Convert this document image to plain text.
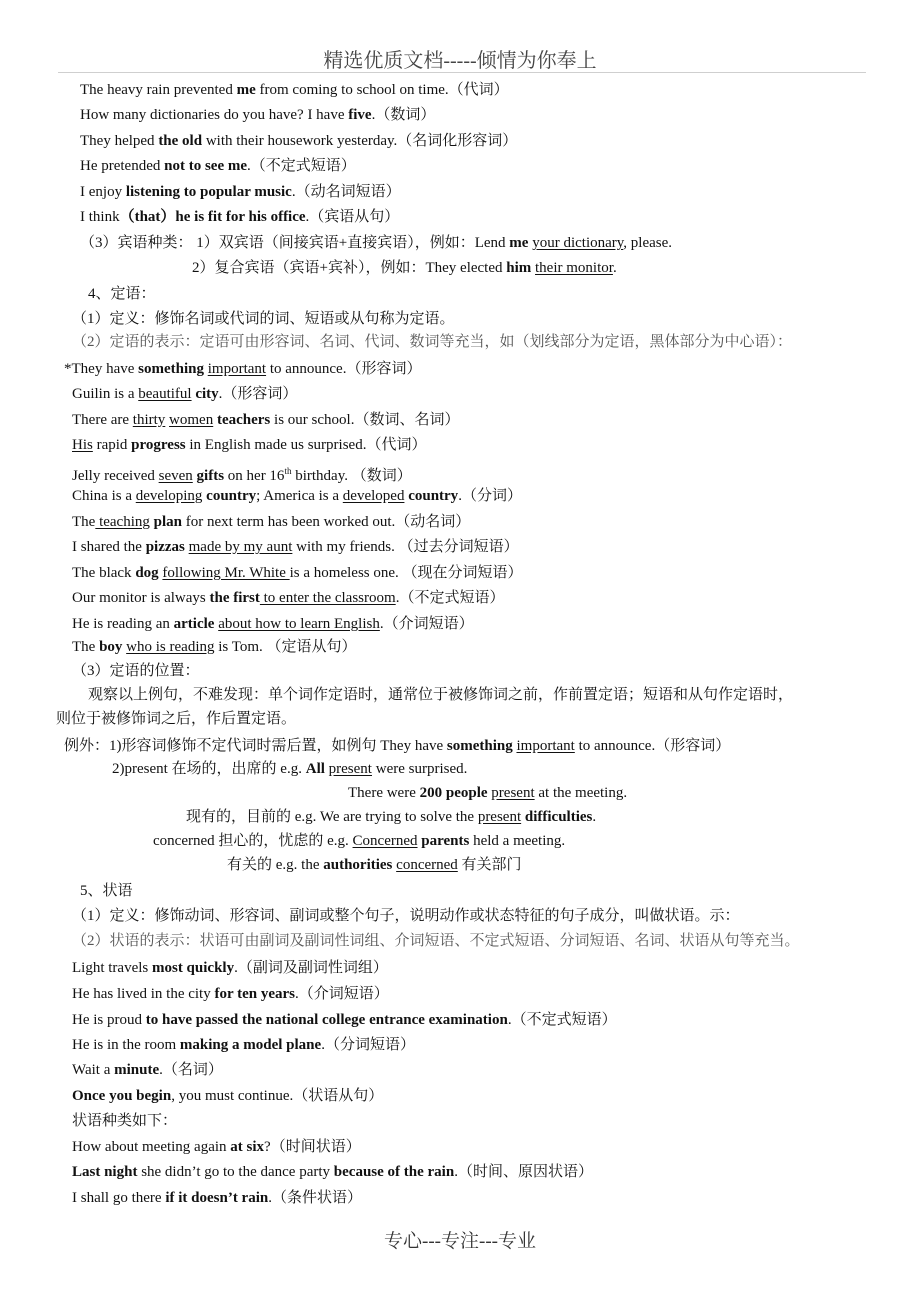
精选优质文档-----倾情为你奉上
The heavy rain prevented me from coming to school on time.（代词）
How many dictionaries do you have? I have five.（数词）
They helped the old with their housework yesterday.（名词化形容词）
He pretended not to see me.（不定式短语）
I enjoy listening to popular music.（动名词短语）
I think（that）he is fit for his office.（宾语从句）
（3）宾语种类： 1）双宾语（间接宾语+直接宾语），例如：Lend me your dictionary, please.
2）复合宾语（宾语+宾补），例如：They elected him their monitor.
4、定语：
（1）定义：修饰名词或代词的词、短语或从句称为定语。
（2）定语的表示：定语可由形容词、名词、代词、数词等充当，如（划线部分为定语，黑体部分为中心语）：
*They have something important to announce.（形容词）
Guilin is a beautiful city.（形容词）
There are thirty women teachers is our school.（数词、名词）
His rapid progress in English made us surprised.（代词）
Jelly received seven gifts on her 16th birthday. （数词）
China is a developing country; America is a developed country.（分词）
The teaching plan for next term has been worked out.（动名词）
I shared the pizzas made by my aunt with my friends. （过去分词短语）
The black dog following Mr. White is a homeless one. （现在分词短语）
Our monitor is always the first to enter the classroom.（不定式短语）
He is reading an article about how to learn English.（介词短语）
The boy who is reading is Tom. （定语从句）
（3）定语的位置：
观察以上例句，不难发现：单个词作定语时，通常位于被修饰词之前，作前置定语；短语和从句作定语时，
则位于被修饰词之后，作后置定语。
例外：1)形容词修饰不定代词时需后置，如例句 They have something important to announce.（形容词）
2)present 在场的，出席的 e.g. All present were surprised.
There were 200 people present at the meeting.
现有的，目前的 e.g. We are trying to solve the present difficulties.
concerned 担心的，忧虑的 e.g. Concerned parents held a meeting.
有关的 e.g. the authorities concerned 有关部门
5、状语
（1）定义：修饰动词、形容词、副词或整个句子，说明动作或状态特征的句子成分，叫做状语。示：
（2）状语的表示：状语可由副词及副词性词组、介词短语、不定式短语、分词短语、名词、状语从句等充当。
Light travels most quickly.（副词及副词性词组）
He has lived in the city for ten years.（介词短语）
He is proud to have passed the national college entrance examination.（不定式短语）
He is in the room making a model plane.（分词短语）
Wait a minute.（名词）
Once you begin, you must continue.（状语从句）
状语种类如下：
How about meeting again at six?（时间状语）
Last night she didn’t go to the dance party because of the rain.（时间、原因状语）
I shall go there if it doesn’t rain.（条件状语）
专心---专注---专业
